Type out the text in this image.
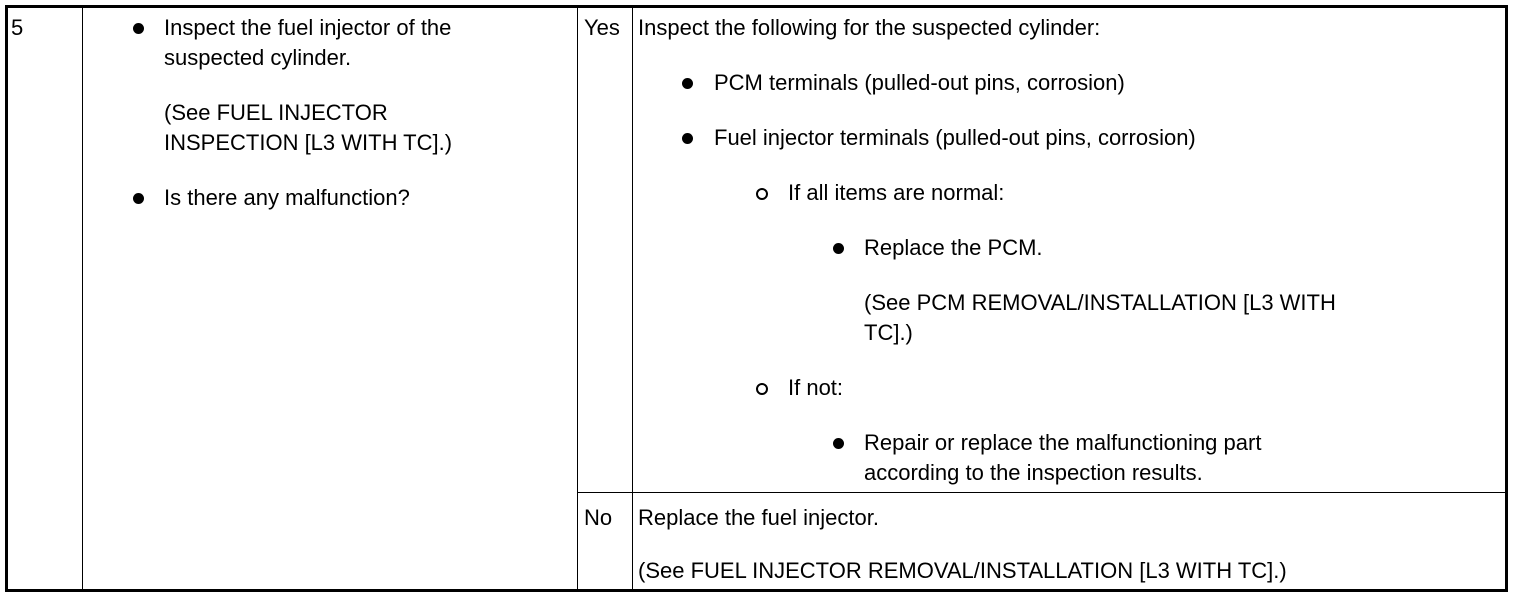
5	Inspect the fuel injector of the
suspected cylinder.
(See FUEL INJECTOR
INSPECTION [L3 WITH TC].)
Is there any malfunction?
Yes Inspect the following for the suspected cylinder:
PCM terminals (pulled-out pins, corrosion)
Fuel injector terminals (pulled-out pins, corrosion)
If all items are normal:
Replace the PCM.
(See PCM REMOVAL/INSTALLATION [L3 WITH
TC].)
If not:
Repair or replace the malfunctioning part
according to the inspection results.
No Replace the fuel injector.
(See FUEL INJECTOR REMOVAL/INSTALLATION [L3 WITH TC].)
